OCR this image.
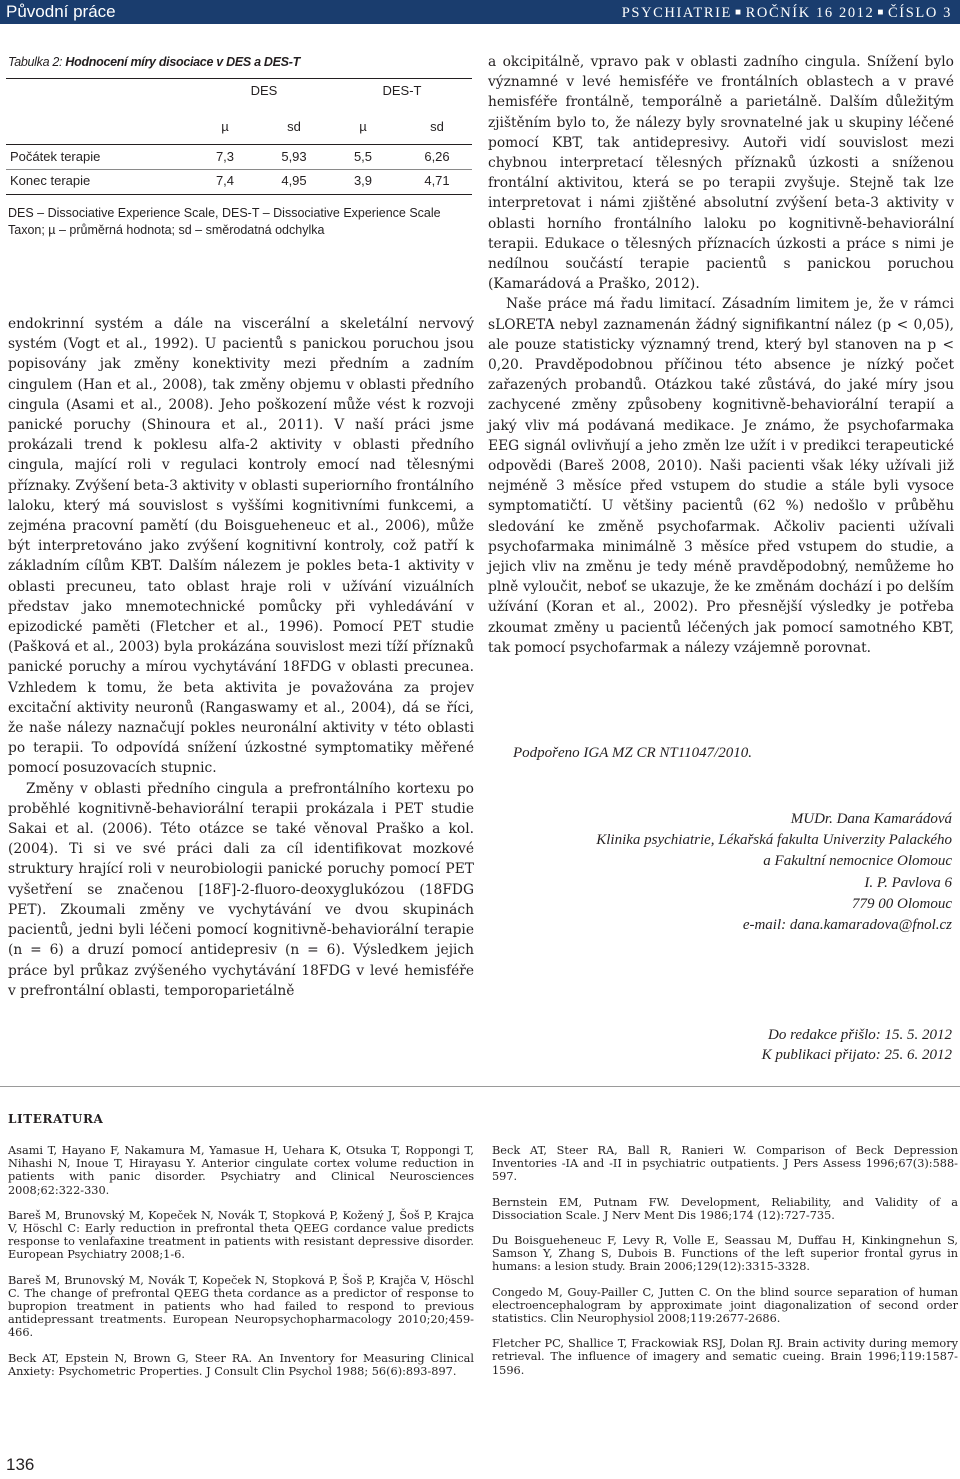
Původní práce	PSYCHIATRIE ■ ROČNÍK 16 2012 ■ ČÍSLO 3
Tabulka 2: Hodnocení míry disociace v DES a DES-T
DES	DES-T
µ	sd	µ	sd
Počátek terapie	7,3	5,93	5,5	6,26
Konec terapie	7,4	4,95	3,9	4,71
DES – Dissociative Experience Scale, DES-T – Dissociative Experience Scale Taxon; µ – průměrná hodnota; sd – směrodatná odchylka

endokrinní systém a dále na viscerální a skeletální nervový systém (Vogt et al., 1992). U pacientů s panickou poruchou jsou popisovány jak změny konektivity mezi předním a zadním cingulem (Han et al., 2008), tak změny objemu v oblasti předního cingula (Asami et al., 2008). Jeho poškození může vést k rozvoji panické poruchy (Shinoura et al., 2011). V naší práci jsme prokázali trend k poklesu alfa-2 aktivity v oblasti předního cingula, mající roli v regulaci kontroly emocí nad tělesnými příznaky. Zvýšení beta-3 aktivity v oblasti superiorního frontálního laloku, který má souvislost s vyššími kognitivními funkcemi, a zejména pracovní pamětí (du Boisgueheneuc et al., 2006), může být interpretováno jako zvýšení kognitivní kontroly, což patří k základním cílům KBT. Dalším nálezem je pokles beta-1 aktivity v oblasti precuneu, tato oblast hraje roli v užívání vizuálních představ jako mnemotechnické pomůcky při vyhledávání v epizodické paměti (Fletcher et al., 1996). Pomocí PET studie (Pašková et al., 2003) byla prokázána souvislost mezi tíží příznaků panické poruchy a mírou vychytávání 18FDG v oblasti precunea. Vzhledem k tomu, že beta aktivita je považována za projev excitační aktivity neuronů (Rangaswamy et al., 2004), dá se říci, že naše nálezy naznačují pokles neuronální aktivity v této oblasti po terapii. To odpovídá snížení úzkostné symptomatiky měřené pomocí posuzovacích stupnic.

Změny v oblasti předního cingula a prefrontálního kortexu po proběhlé kognitivně-behaviorální terapii prokázala i PET studie Sakai et al. (2006). Této otázce se také věnoval Praško a kol. (2004). Ti si ve své práci dali za cíl identifikovat mozkové struktury hrající roli v neurobiologii panické poruchy pomocí PET vyšetření se značenou [18F]-2-fluoro-deoxyglukózou (18FDG PET). Zkoumali změny ve vychytávání ve dvou skupinách pacientů, jedni byli léčeni pomocí kognitivně-behaviorální terapie (n = 6) a druzí pomocí antidepresiv (n = 6). Výsledkem jejich práce byl průkaz zvýšeného vychytávání 18FDG v levé hemisféře v prefrontální oblasti, temporoparietálně

a okcipitálně, vpravo pak v oblasti zadního cingula. Snížení bylo významné v levé hemisféře ve frontálních oblastech a v pravé hemisféře frontálně, temporálně a parietálně. Dalším důležitým zjištěním bylo to, že nálezy byly srovnatelné jak u skupiny léčené pomocí KBT, tak antidepresivy. Autoři vidí souvislost mezi chybnou interpretací tělesných příznaků úzkosti a sníženou frontální aktivitou, která se po terapii zvyšuje. Stejně tak lze interpretovat i námi zjištěné absolutní zvýšení beta-3 aktivity v oblasti horního frontálního laloku po kognitivně-behaviorální terapii. Edukace o tělesných příznacích úzkosti a práce s nimi je nedílnou součástí terapie pacientů s panickou poruchou (Kamarádová a Praško, 2012).

Naše práce má řadu limitací. Zásadním limitem je, že v rámci sLORETA nebyl zaznamenán žádný signifikantní nález (p < 0,05), ale pouze statisticky významný trend, který byl stanoven na p < 0,20. Pravděpodobnou příčinou této absence je nízký počet zařazených probandů. Otázkou také zůstává, do jaké míry jsou zachycené změny způsobeny kognitivně-behaviorální terapií a jaký vliv má podávaná medikace. Je známo, že psychofarmaka EEG signál ovlivňují a jeho změn lze užít i v predikci terapeutické odpovědi (Bareš 2008, 2010). Naši pacienti však léky užívali již nejméně 3 měsíce před vstupem do studie a stále byli vysoce symptomatičtí. U většiny pacientů (62 %) nedošlo v průběhu sledování ke změně psychofarmak. Ačkoliv pacienti užívali psychofarmaka minimálně 3 měsíce před vstupem do studie, a jejich vliv na změnu je tedy méně pravděpodobný, nemůžeme ho plně vyloučit, neboť se ukazuje, že ke změnám dochází i po delším užívání (Koran et al., 2002). Pro přesnější výsledky je potřeba zkoumat změny u pacientů léčených jak pomocí samotného KBT, tak pomocí psychofarmak a nálezy vzájemně porovnat.

Podpořeno IGA MZ CR NT11047/2010.
MUDr. Dana Kamarádová
Klinika psychiatrie, Lékařská fakulta Univerzity Palackého
a Fakultní nemocnice Olomouc
I. P. Pavlova 6
779 00 Olomouc
e-mail: dana.kamaradova@fnol.cz
Do redakce přišlo: 15. 5. 2012
K publikaci přijato: 25. 6. 2012
LITERATURA
Asami T, Hayano F, Nakamura M, Yamasue H, Uehara K, Otsuka T, Roppongi T, Nihashi N, Inoue T, Hirayasu Y. Anterior cingulate cortex volume reduction in patients with panic disorder. Psychiatry and Clinical Neurosciences 2008;62:322-330.
Bareš M, Brunovský M, Kopeček N, Novák T, Stopková P, Kožený J, Šoš P, Krajca V, Höschl C: Early reduction in prefrontal theta QEEG cordance value predicts response to venlafaxine treatment in patients with resistant depressive disorder. European Psychiatry 2008;1-6.
Bareš M, Brunovský M, Novák T, Kopeček N, Stopková P, Šoš P, Krajča V, Höschl C. The change of prefrontal QEEG theta cordance as a predictor of response to bupropion treatment in patients who had failed to respond to previous antidepressant treatments. European Neuropsychopharmacology 2010;20;459-466.
Beck AT, Epstein N, Brown G, Steer RA. An Inventory for Measuring Clinical Anxiety: Psychometric Properties. J Consult Clin Psychol 1988; 56(6):893-897.
Beck AT, Steer RA, Ball R, Ranieri W. Comparison of Beck Depression Inventories -IA and -II in psychiatric outpatients. J Pers Assess 1996;67(3):588-597.
Bernstein EM, Putnam FW. Development, Reliability, and Validity of a Dissociation Scale. J Nerv Ment Dis 1986;174 (12):727-735.
Du Boisgueheneuc F, Levy R, Volle E, Seassau M, Duffau H, Kinkingnehun S, Samson Y, Zhang S, Dubois B. Functions of the left superior frontal gyrus in humans: a lesion study. Brain 2006;129(12):3315-3328.
Congedo M, Gouy-Pailler C, Jutten C. On the blind source separation of human electroencephalogram by approximate joint diagonalization of second order statistics. Clin Neurophysiol 2008;119:2677-2686.
Fletcher PC, Shallice T, Frackowiak RSJ, Dolan RJ. Brain activity during memory retrieval. The influence of imagery and sematic cueing. Brain 1996;119:1587-1596.
136
